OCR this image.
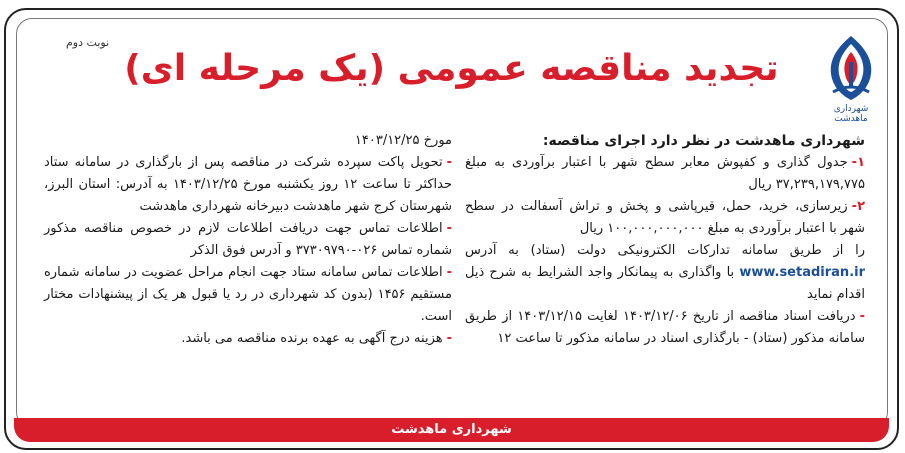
نوبت دوم
شهرداری ماهدشت
تجدید مناقصه عمومی (یک مرحله ای)

شهرداری ماهدشت در نظر دارد اجرای مناقصه:

۱-جدول گذاری و کفپوش معابر سطح شهر با اعتبار برآوردی به مبلغ ۳۷,۲۳۹,۱۷۹,۷۷۵ ریال

۲-زیرسازی، خرید، حمل، قیرپاشی و پخش و تراش آسفالت در سطح شهر با اعتبار برآوردی به مبلغ ۱۰۰,۰۰۰,۰۰۰,۰۰۰ ریال

را از طریق سامانه تدارکات الکترونیکی دولت (ستاد) به آدرس www.setadiran.ir با واگذاری به پیمانکار واجد الشرایط به شرح ذیل اقدام نماید

-دریافت اسناد مناقصه از تاریخ ۱۴۰۳/۱۲/۰۶ لغایت ۱۴۰۳/۱۲/۱۵ از طریق سامانه مذکور (ستاد) - بارگذاری اسناد در سامانه مذکور تا ساعت ۱۲

مورخ ۱۴۰۳/۱۲/۲۵

-تحویل پاکت سپرده شرکت در مناقصه پس از بارگذاری در سامانه ستاد حداکثر تا ساعت ۱۲ روز یکشنبه مورخ ۱۴۰۳/۱۲/۲۵ به آدرس: استان البرز، شهرستان کرج شهر ماهدشت دبیرخانه شهرداری ماهدشت

-اطلاعات تماس جهت دریافت اطلاعات لازم در خصوص مناقصه مذکور شماره تماس ۰۲۶-۳۷۳۰۹۷۹۰ و آدرس فوق الذکر

-اطلاعات تماس سامانه ستاد جهت انجام مراحل عضویت در سامانه شماره مستقیم ۱۴۵۶ (بدون کد شهرداری در رد یا قبول هر یک از پیشنهادات مختار است.

-هزینه درج آگهی به عهده برنده مناقصه می باشد.

شهرداری ماهدشت
